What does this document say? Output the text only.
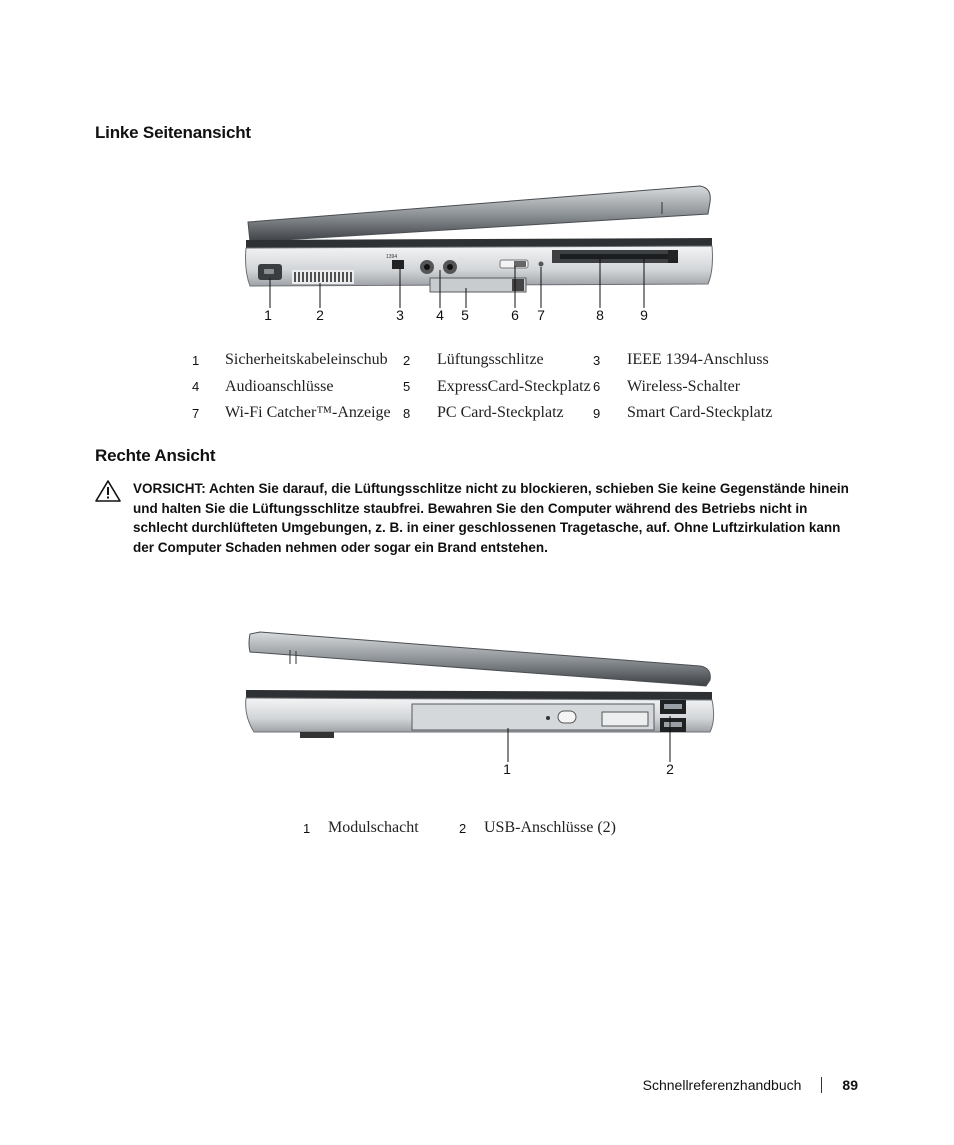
Linke Seitenansicht
1394
1	2	3 4 5	6 7	8	9
1	Sicherheitskabeleinschub	2	Lüftungsschlitze	3	IEEE 1394-Anschluss
4	Audioanschlüsse	5	ExpressCard-Steckplatz	6	Wireless-Schalter
7	Wi-Fi Catcher™-Anzeige	8	PC Card-Steckplatz	9	Smart Card-Steckplatz
Rechte Ansicht
VORSICHT: Achten Sie darauf, die Lüftungsschlitze nicht zu blockieren, schieben Sie keine Gegenstände hinein und halten Sie die Lüftungsschlitze staubfrei. Bewahren Sie den Computer während des Betriebs nicht in schlecht durchlüfteten Umgebungen, z. B. in einer geschlossenen Tragetasche, auf. Ohne Luftzirkulation kann der Computer Schaden nehmen oder sogar ein Brand entstehen.
1	2
1	Modulschacht	2	USB-Anschlüsse (2)
Schnellreferenzhandbuch	89
